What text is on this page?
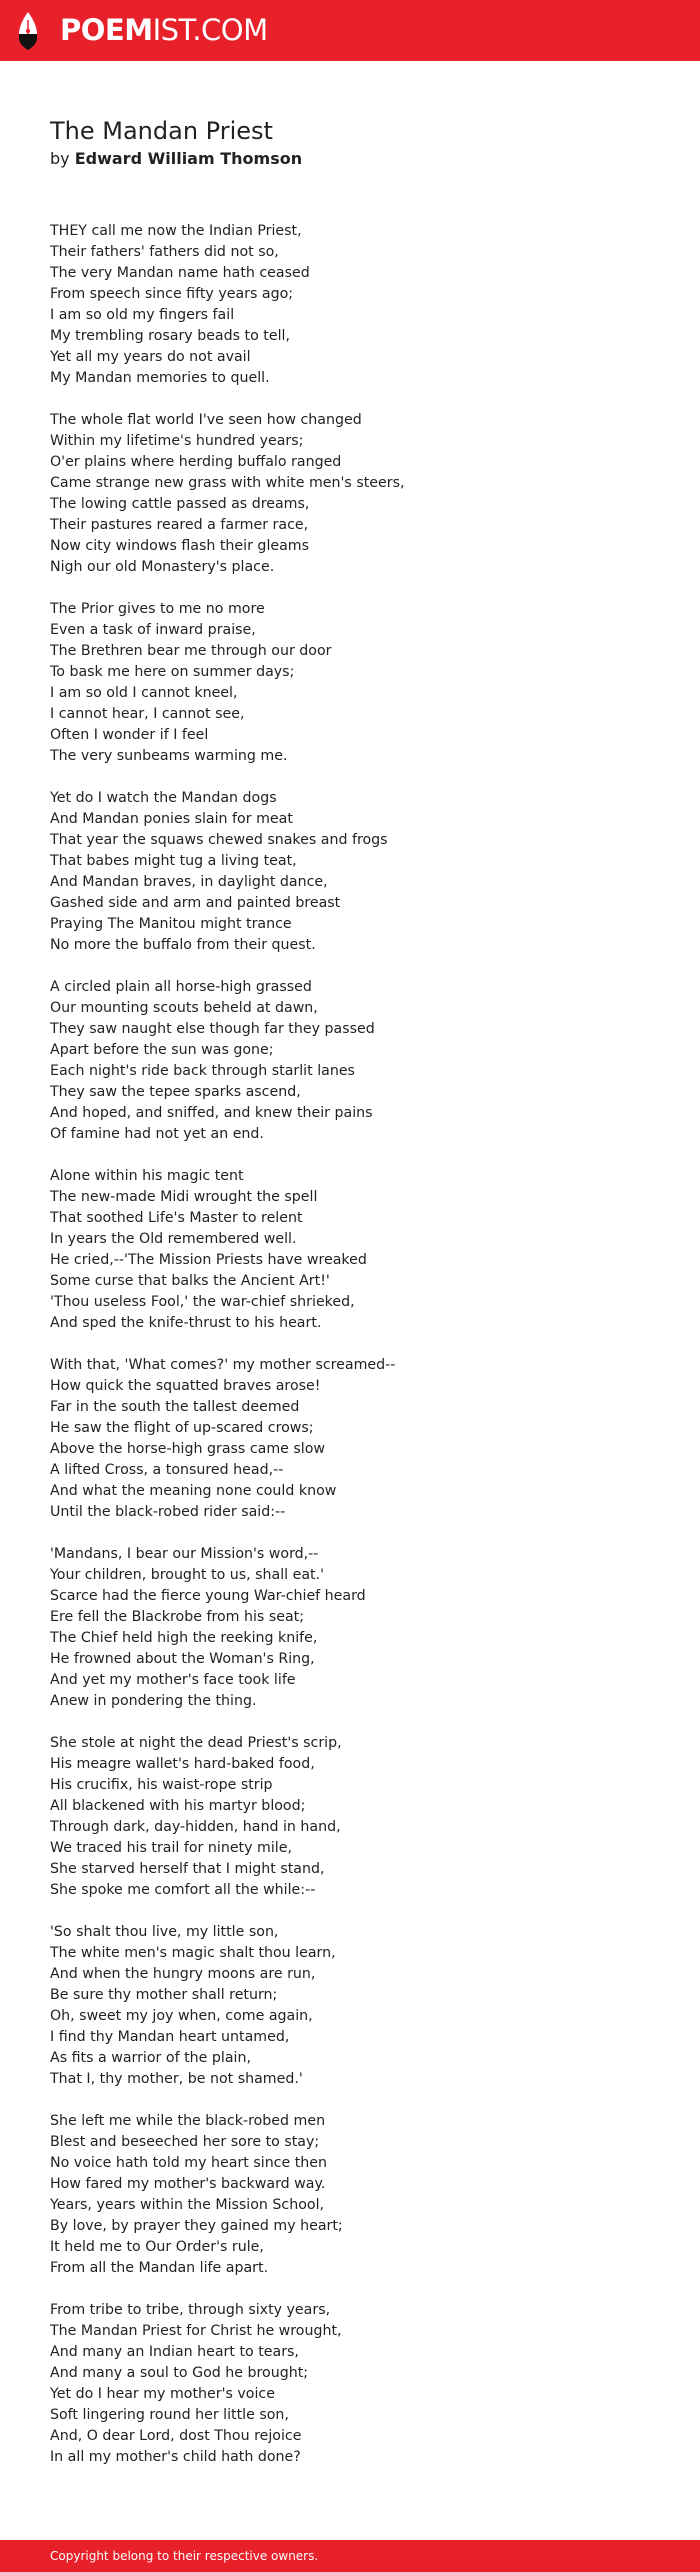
POEMIST.COM
The Mandan Priest
by Edward William Thomson
THEY call me now the Indian Priest,
Their fathers' fathers did not so,
The very Mandan name hath ceased
From speech since fifty years ago;
I am so old my fingers fail
My trembling rosary beads to tell,
Yet all my years do not avail
My Mandan memories to quell.
The whole flat world I've seen how changed
Within my lifetime's hundred years;
O'er plains where herding buffalo ranged
Came strange new grass with white men's steers,
The lowing cattle passed as dreams,
Their pastures reared a farmer race,
Now city windows flash their gleams
Nigh our old Monastery's place.
The Prior gives to me no more
Even a task of inward praise,
The Brethren bear me through our door
To bask me here on summer days;
I am so old I cannot kneel,
I cannot hear, I cannot see,
Often I wonder if I feel
The very sunbeams warming me.
Yet do I watch the Mandan dogs
And Mandan ponies slain for meat
That year the squaws chewed snakes and frogs
That babes might tug a living teat,
And Mandan braves, in daylight dance,
Gashed side and arm and painted breast
Praying The Manitou might trance
No more the buffalo from their quest.
A circled plain all horse-high grassed
Our mounting scouts beheld at dawn,
They saw naught else though far they passed
Apart before the sun was gone;
Each night's ride back through starlit lanes
They saw the tepee sparks ascend,
And hoped, and sniffed, and knew their pains
Of famine had not yet an end.
Alone within his magic tent
The new-made Midi wrought the spell
That soothed Life's Master to relent
In years the Old remembered well.
He cried,--'The Mission Priests have wreaked
Some curse that balks the Ancient Art!'
'Thou useless Fool,' the war-chief shrieked,
And sped the knife-thrust to his heart.
With that, 'What comes?' my mother screamed--
How quick the squatted braves arose!
Far in the south the tallest deemed
He saw the flight of up-scared crows;
Above the horse-high grass came slow
A lifted Cross, a tonsured head,--
And what the meaning none could know
Until the black-robed rider said:--
'Mandans, I bear our Mission's word,--
Your children, brought to us, shall eat.'
Scarce had the fierce young War-chief heard
Ere fell the Blackrobe from his seat;
The Chief held high the reeking knife,
He frowned about the Woman's Ring,
And yet my mother's face took life
Anew in pondering the thing.
She stole at night the dead Priest's scrip,
His meagre wallet's hard-baked food,
His crucifix, his waist-rope strip
All blackened with his martyr blood;
Through dark, day-hidden, hand in hand,
We traced his trail for ninety mile,
She starved herself that I might stand,
She spoke me comfort all the while:--
'So shalt thou live, my little son,
The white men's magic shalt thou learn,
And when the hungry moons are run,
Be sure thy mother shall return;
Oh, sweet my joy when, come again,
I find thy Mandan heart untamed,
As fits a warrior of the plain,
That I, thy mother, be not shamed.'
She left me while the black-robed men
Blest and beseeched her sore to stay;
No voice hath told my heart since then
How fared my mother's backward way.
Years, years within the Mission School,
By love, by prayer they gained my heart;
It held me to Our Order's rule,
From all the Mandan life apart.
From tribe to tribe, through sixty years,
The Mandan Priest for Christ he wrought,
And many an Indian heart to tears,
And many a soul to God he brought;
Yet do I hear my mother's voice
Soft lingering round her little son,
And, O dear Lord, dost Thou rejoice
In all my mother's child hath done?
Copyright belong to their respective owners.
